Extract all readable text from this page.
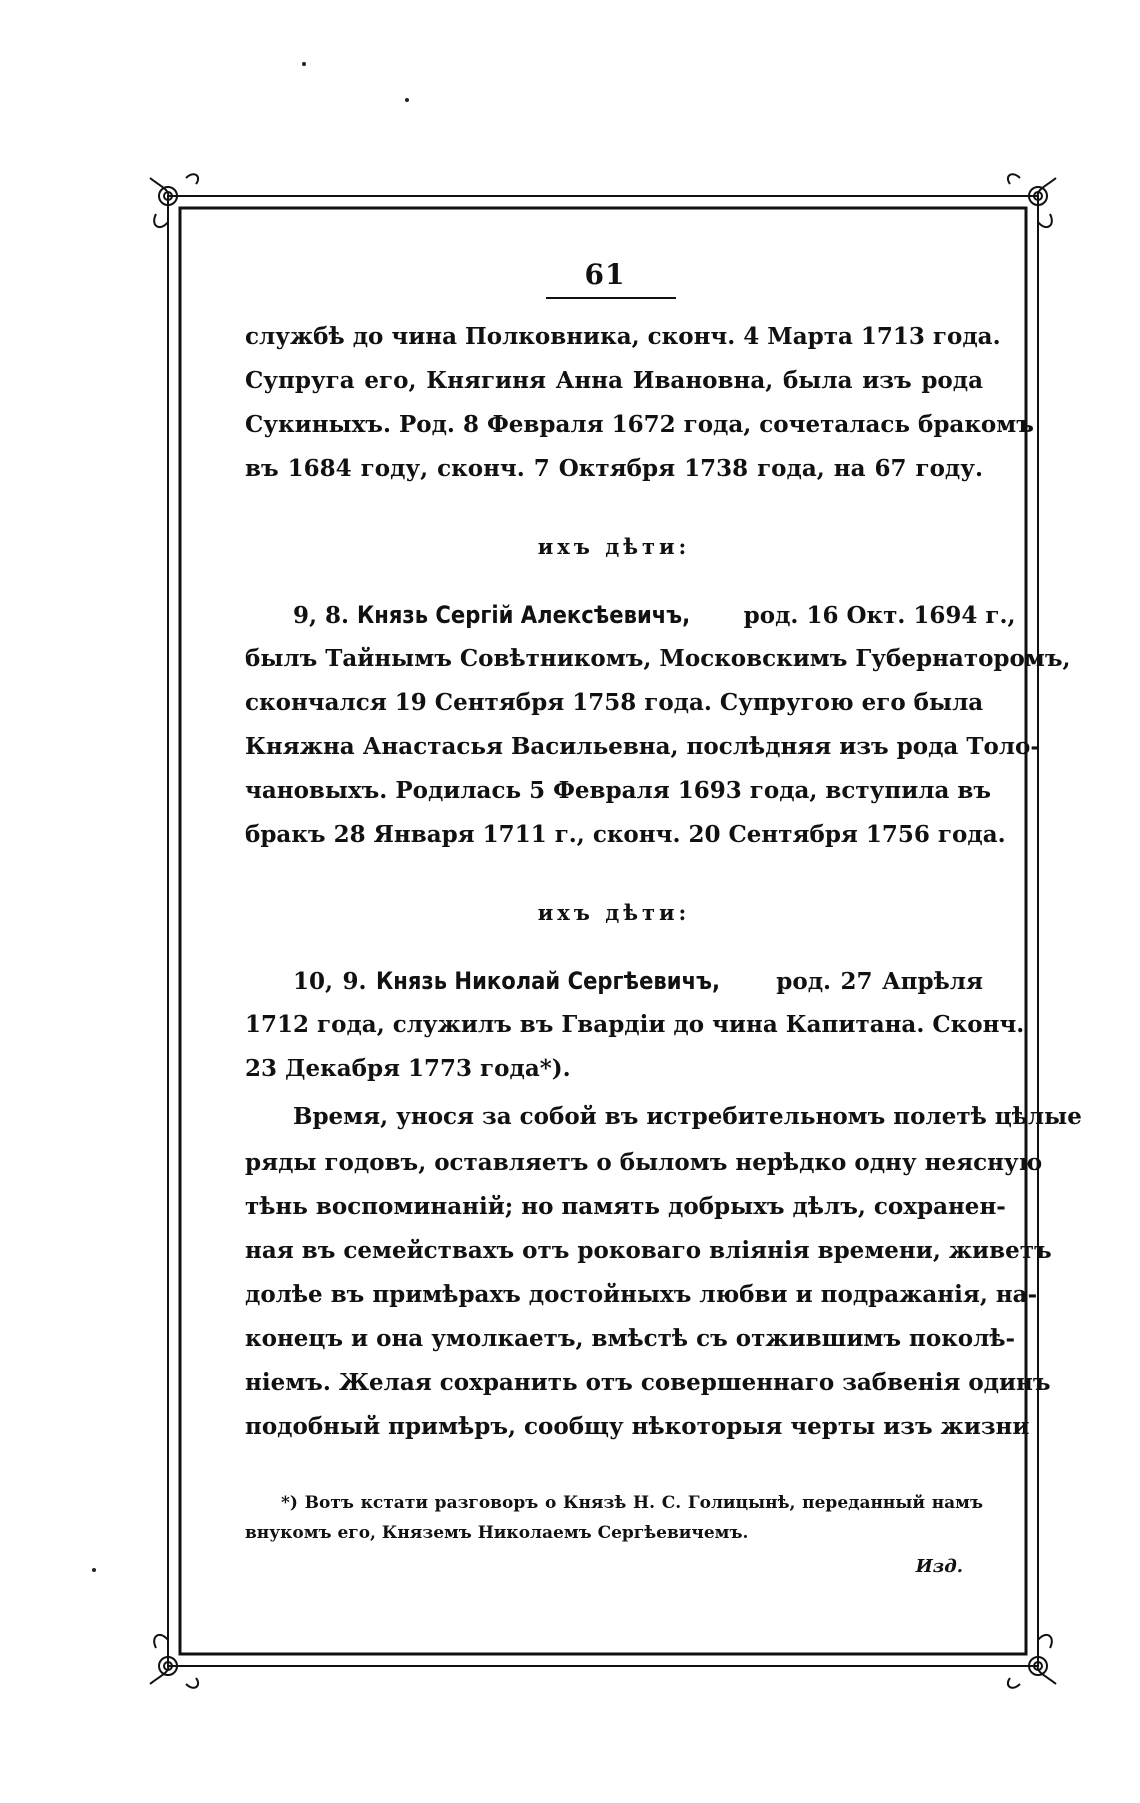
61
службѣ до чина Полковника, сконч. 4 Марта 1713 года.
Супруга его, Княгиня Анна Ивановна, была изъ рода
Сукиныхъ. Род. 8 Февраля 1672 года, сочеталась бракомъ
въ 1684 году, сконч. 7 Октября 1738 года, на 67 году.
ихъ дѣти:
9, 8. Князь Сергiй Алексѣевичъ, род. 16 Окт. 1694 г.,
былъ Тайнымъ Совѣтникомъ, Московскимъ Губернаторомъ,
скончался 19 Сентября 1758 года. Супругою его была
Княжна Анастасья Васильевна, послѣдняя изъ рода Толо-
чановыхъ. Родилась 5 Февраля 1693 года, вступила въ
бракъ 28 Января 1711 г., сконч. 20 Сентября 1756 года.
ихъ дѣти:
10, 9. Князь Николай Сергѣевичъ, род. 27 Апрѣля
1712 года, служилъ въ Гвардiи до чина Капитана. Сконч.
23 Декабря 1773 года*).
Время, унося за собой въ истребительномъ полетѣ цѣлые
ряды годовъ, оставляетъ о быломъ нерѣдко одну неясную
тѣнь воспоминанiй; но память добрыхъ дѣлъ, сохранен-
ная въ семействахъ отъ роковаго влiянiя времени, живетъ
долѣе въ примѣрахъ достойныхъ любви и подражанiя, на-
конецъ и она умолкаетъ, вмѣстѣ съ отжившимъ поколѣ-
нiемъ. Желая сохранить отъ совершеннаго забвенiя одинъ
подобный примѣръ, сообщу нѣкоторыя черты изъ жизни
*) Вотъ кстати разговоръ о Князѣ Н. С. Голицынѣ, переданный намъ
внукомъ его, Княземъ Николаемъ Сергѣевичемъ.
Изд.
